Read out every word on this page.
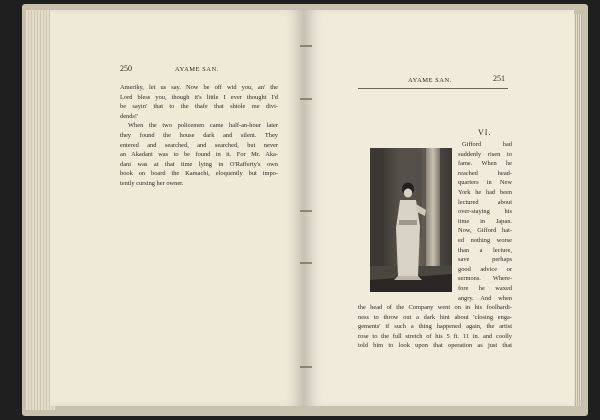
250	AYAME SAN.
Ameriky, let us say. Now be off wid you, an' the
Lord bless you, though it's little I ever thought I'd
be sayin' that to the thafe that shtole me divi-
dends!'
When the two policemen came half-an-hour later
they found the house dark and silent. They
entered and searched, and searched, but never
an Akadani was to be found in it. For Mr. Aka-
dani was at that time lying in O'Rafferty's own
book on board the Kamachi, eloquently but impo-
tently cursing her owner.
AYAME SAN.	251
VI.
Gifford had
suddenly risen to
fame. When he
reached head-
quarters in New
York he had been
lectured about
over-staying his
time in Japan.
Now, Gifford hat-
ed nothing worse
than a lecture,
save perhaps
good advice or
sermons. Where-
fore he waxed
angry. And when
the head of the Company went on in his foolhardi-
ness to throw out a dark hint about 'closing enga-
gements' if such a thing happened again, the artist
rose to the full stretch of his 5 ft. 11 in. and coolly
told him to look upon that operation as just that
